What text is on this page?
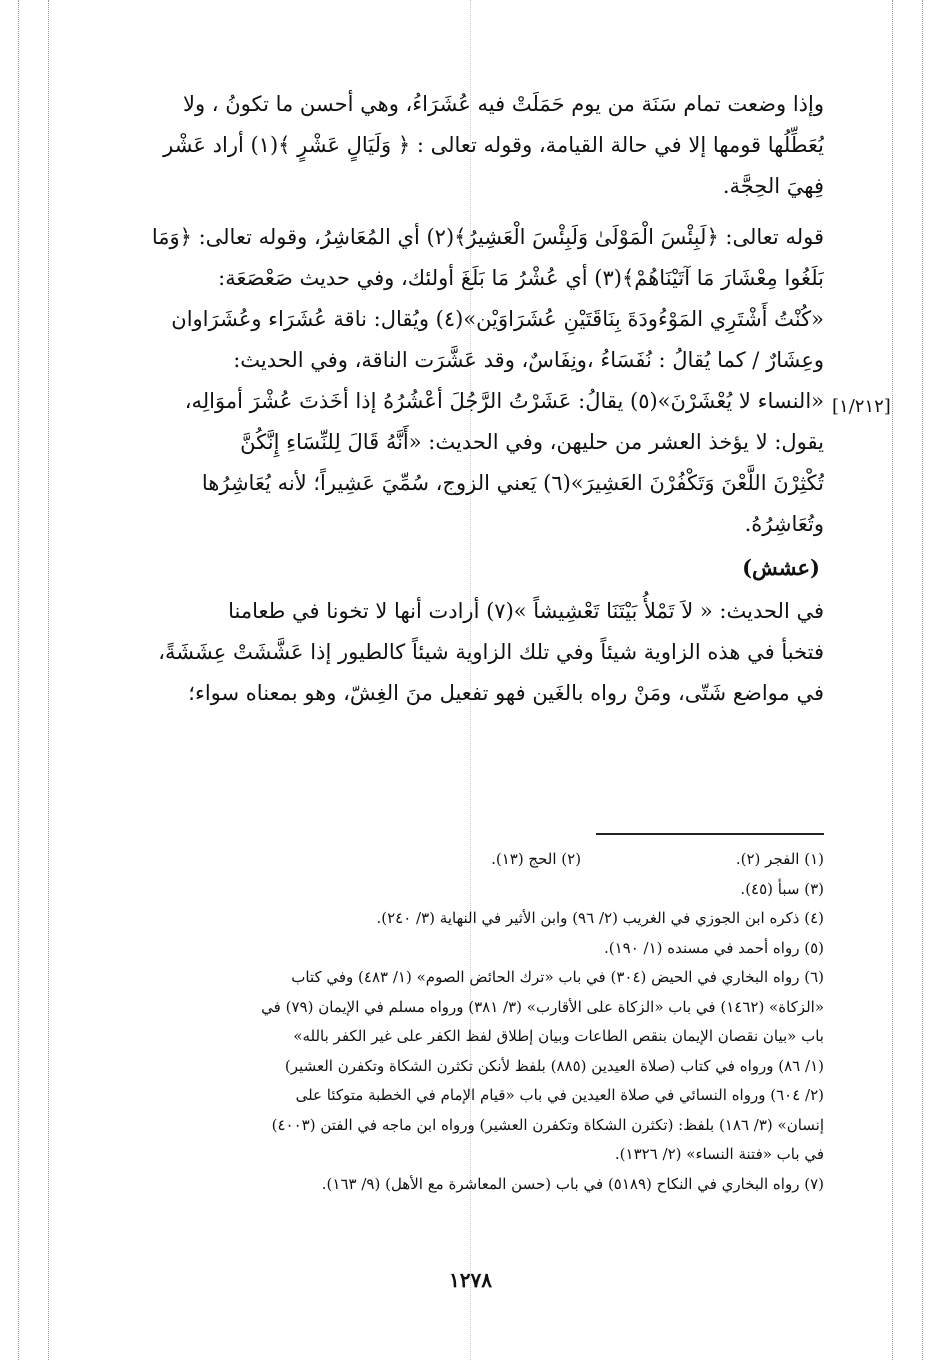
وإذا وضعت تمام سَنَة من يوم حَمَلَتْ فيه عُشَرَاءُ، وهي أحسن ما تكونُ ، ولا
يُعَطِّلُها قومها إلا في حالة القيامة، وقوله تعالى : ﴿ وَلَيَالٍ عَشْرٍ ﴾(١) أراد عَشْر
فِهيَ الحِجَّة.
قوله تعالى: ﴿لَبِئْسَ الْمَوْلَىٰ وَلَبِئْسَ الْعَشِيرُ﴾(٢) أي المُعَاشِرُ، وقوله تعالى: ﴿وَمَا
بَلَغُوا مِعْشَارَ مَا آتَيْنَاهُمْ﴾(٣) أي عُشْرُ مَا بَلَغَ أولئك، وفي حديث صَعْصَعَة:
«كُنْتُ أَشْتَرِي المَوْءُودَةَ بِنَاقَتَيْنِ عُشَرَاوَيْن»(٤) ويُقال: ناقة عُشَرَاء وعُشَرَاوان
وعِشَارٌ / كما يُقالُ : نُفَسَاءُ ،ونِفَاسٌ، وقد عَشَّرَت الناقة، وفي الحديث:
«النساء لا يُعْشَرْنَ»(٥) يقالُ: عَشَرْتُ الرَّجُلَ أعْشُرُهُ إذا أخَذتَ عُشْرَ أموَالِه،
يقول: لا يؤخذ العشر من حليهن، وفي الحديث: «أَنَّهُ قَالَ لِلنِّسَاءِ إِنَّكُنَّ
تُكْثِرْنَ اللَّعْنَ وَتَكْفُرْنَ العَشِيرَ»(٦) يَعني الزوج، سُمِّيَ عَشِيراً؛ لأنه يُعَاشِرُها
وتُعَاشِرُهُ.
(عشش)
في الحديث: « لاَ تَمْلأُ بَيْتَنَا تَعْشِيشاً »(٧) أرادت أنها لا تخونا في طعامنا
فتخبأ في هذه الزاوية شيئاً وفي تلك الزاوية شيئاً كالطيور إذا عَشَّشَتْ عِشَشَةً،
في مواضع شَتّى، ومَنْ رواه بالغَين فهو تفعيل منَ الغِشّ، وهو بمعناه سواء؛
[١/٢١٢]
(١) الفجر (٢). (٢) الحج (١٣).
(٣) سبأ (٤٥).
(٤) ذكره ابن الجوزي في الغريب (٢/ ٩٦) وابن الأثير في النهاية (٣/ ٢٤٠).
(٥) رواه أحمد في مسنده (١/ ١٩٠).
(٦) رواه البخاري في الحيض (٣٠٤) في باب «ترك الحائض الصوم» (١/ ٤٨٣) وفي كتاب
«الزكاة» (١٤٦٢) في باب «الزكاة على الأقارب» (٣/ ٣٨١) ورواه مسلم في الإيمان (٧٩) في
باب «بيان نقصان الإيمان بنقص الطاعات وبيان إطلاق لفظ الكفر على غير الكفر بالله»
(١/ ٨٦) ورواه في كتاب (صلاة العيدين (٨٨٥) بلفظ لأنكن تكثرن الشكاة وتكفرن العشير)
(٢/ ٦٠٤) ورواه النسائي في صلاة العيدين في باب «قيام الإمام في الخطبة متوكئا على
إنسان» (٣/ ١٨٦) بلفظ: (تكثرن الشكاة وتكفرن العشير) ورواه ابن ماجه في الفتن (٤٠٠٣)
في باب «فتنة النساء» (٢/ ١٣٢٦).
(٧) رواه البخاري في النكاح (٥١٨٩) في باب (حسن المعاشرة مع الأهل) (٩/ ١٦٣).
١٢٧٨
